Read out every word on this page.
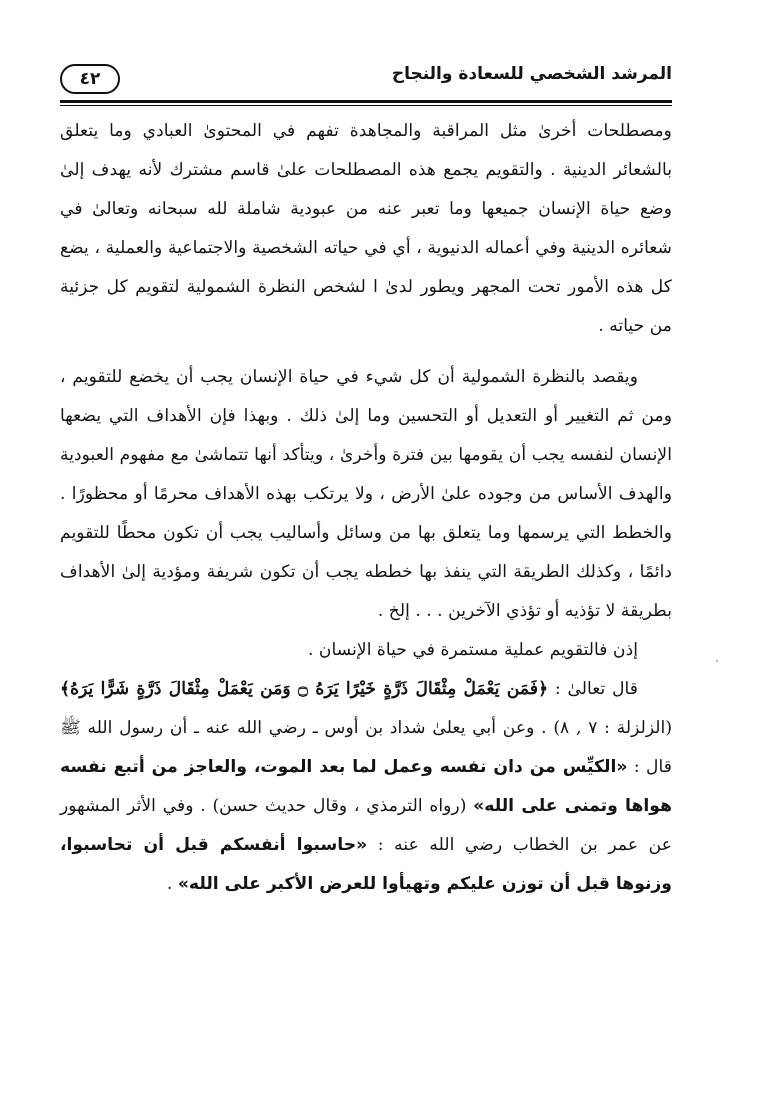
٤٢	المرشد الشخصي للسعادة والنجاح

ومصطلحات أخرىٰ مثل المراقبة والمجاهدة تفهم في المحتوىٰ العبادي وما يتعلق بالشعائر الدينية . والتقويم يجمع هذه المصطلحات علىٰ قاسم مشترك لأنه يهدف إلىٰ وضع حياة الإنسان جميعها وما تعبر عنه من عبودية شاملة لله سبحانه وتعالىٰ في شعائره الدينية وفي أعماله الدنيوية ، أي في حياته الشخصية والاجتماعية والعملية ، يضع كل هذه الأمور تحت المجهر ويطور لدىٰ ا لشخص النظرة الشمولية لتقويم كل جزئية من حياته .

ويقصد بالنظرة الشمولية أن كل شيء في حياة الإنسان يجب أن يخضع للتقويم ، ومن ثم التغيير أو التعديل أو التحسين وما إلىٰ ذلك . وبهذا فإن الأهداف التي يضعها الإنسان لنفسه يجب أن يقومها بين فترة وأخرىٰ ، ويتأكد أنها تتماشىٰ مع مفهوم العبودية والهدف الأساس من وجوده علىٰ الأرض ، ولا يرتكب بهذه الأهداف محرمًا أو محظورًا . والخطط التي يرسمها وما يتعلق بها من وسائل وأساليب يجب أن تكون محطًا للتقويم دائمًا ، وكذلك الطريقة التي ينفذ بها خططه يجب أن تكون شريفة ومؤدية إلىٰ الأهداف بطريقة لا تؤذيه أو تؤذي الآخرين . . . إلخ .

إذن فالتقويم عملية مستمرة في حياة الإنسان .

قال تعالىٰ : ﴿فَمَن يَعْمَلْ مِثْقَالَ ذَرَّةٍ خَيْرًا يَرَهُ ۝ وَمَن يَعْمَلْ مِثْقَالَ ذَرَّةٍ شَرًّا يَرَهُ﴾ (الزلزلة : ٧ , ٨) . وعن أبي يعلىٰ شداد بن أوس ـ رضي الله عنه ـ أن رسول الله ﷺ قال : «الكيِّس من دان نفسه وعمل لما بعد الموت، والعاجز من أتبع نفسه هواها وتمنى على الله» (رواه الترمذي ، وقال حديث حسن) . وفي الأثر المشهور عن عمر بن الخطاب رضي الله عنه : «حاسبوا أنفسكم قبل أن تحاسبوا، وزنوها قبل أن توزن عليكم وتهيأوا للعرض الأكبر على الله» .
